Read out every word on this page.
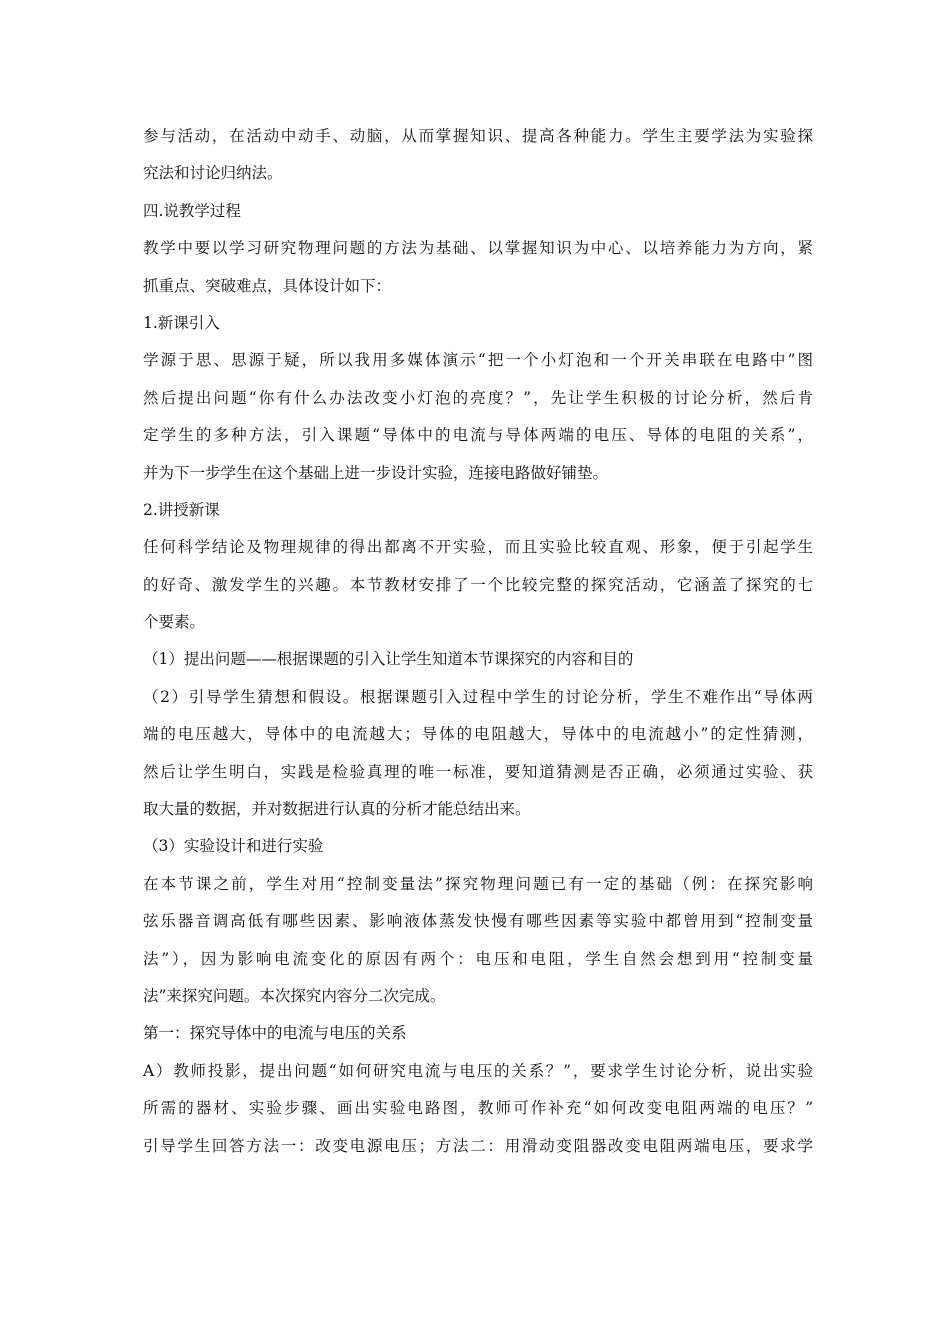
参与活动，在活动中动手、动脑，从而掌握知识、提高各种能力。学生主要学法为实验探
究法和讨论归纳法。
四.说教学过程
教学中要以学习研究物理问题的方法为基础、以掌握知识为中心、以培养能力为方向，紧
抓重点、突破难点，具体设计如下：
1.新课引入
学源于思、思源于疑，所以我用多媒体演示“把一个小灯泡和一个开关串联在电路中”图
然后提出问题“你有什么办法改变小灯泡的亮度？”，先让学生积极的讨论分析，然后肯
定学生的多种方法，引入课题“导体中的电流与导体两端的电压、导体的电阻的关系”，
并为下一步学生在这个基础上进一步设计实验，连接电路做好铺垫。
2.讲授新课
任何科学结论及物理规律的得出都离不开实验，而且实验比较直观、形象，便于引起学生
的好奇、激发学生的兴趣。本节教材安排了一个比较完整的探究活动，它涵盖了探究的七
个要素。
（1）提出问题——根据课题的引入让学生知道本节课探究的内容和目的
（2）引导学生猜想和假设。根据课题引入过程中学生的讨论分析，学生不难作出“导体两
端的电压越大，导体中的电流越大；导体的电阻越大，导体中的电流越小”的定性猜测，
然后让学生明白，实践是检验真理的唯一标准，要知道猜测是否正确，必须通过实验、获
取大量的数据，并对数据进行认真的分析才能总结出来。
（3）实验设计和进行实验
在本节课之前，学生对用“控制变量法”探究物理问题已有一定的基础（例：在探究影响
弦乐器音调高低有哪些因素、影响液体蒸发快慢有哪些因素等实验中都曾用到“控制变量
法”），因为影响电流变化的原因有两个：电压和电阻，学生自然会想到用“控制变量
法”来探究问题。本次探究内容分二次完成。
第一：探究导体中的电流与电压的关系
A）教师投影，提出问题“如何研究电流与电压的关系？”，要求学生讨论分析，说出实验
所需的器材、实验步骤、画出实验电路图，教师可作补充“如何改变电阻两端的电压？”
引导学生回答方法一：改变电源电压；方法二：用滑动变阻器改变电阻两端电压，要求学
